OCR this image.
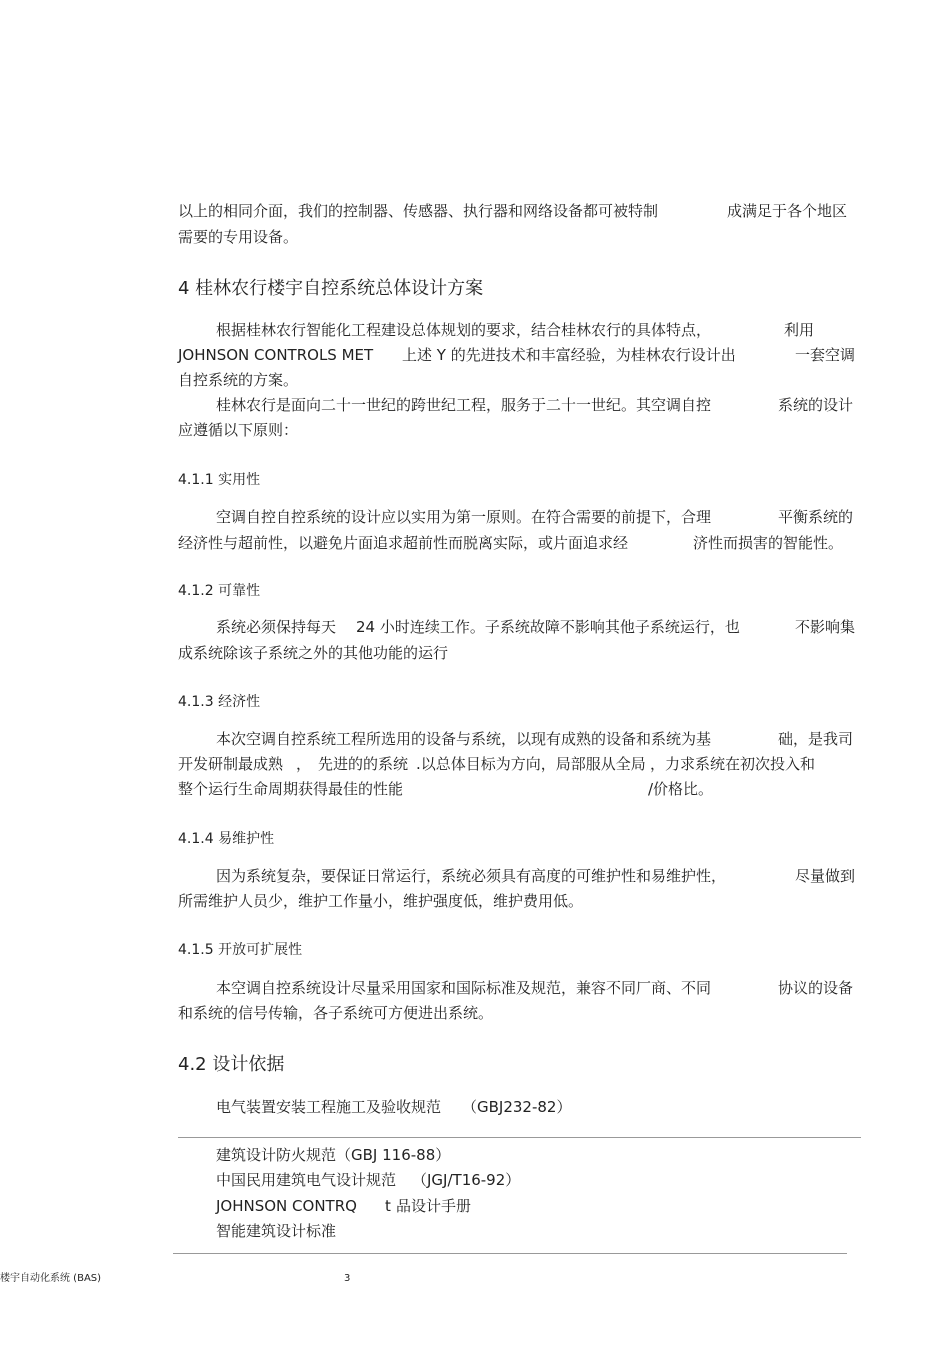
以上的相同介面，我们的控制器、传感器、执行器和网络设备都可被特制	成满足于各个地区
需要的专用设备。
4 桂林农行楼宇自控系统总体设计方案
根据桂林农行智能化工程建设总体规划的要求，结合桂林农行的具体特点，	利用
JOHNSON CONTROLS MET 上述 Y 的先进技术和丰富经验，为桂林农行设计出	一套空调
自控系统的方案。
桂林农行是面向二十一世纪的跨世纪工程，服务于二十一世纪。其空调自控	系统的设计
应遵循以下原则：
4.1.1 实用性
空调自控自控系统的设计应以实用为第一原则。在符合需要的前提下，合理	平衡系统的
经济性与超前性，以避免片面追求超前性而脱离实际，或片面追求经	济性而损害的智能性。
4.1.2 可靠性
系统必须保持每天 24 小时连续工作。子系统故障不影响其他子系统运行，也	不影响集
成系统除该子系统之外的其他功能的运行
4.1.3 经济性
本次空调自控系统工程所选用的设备与系统，以现有成熟的设备和系统为基	础，是我司
开发研制最成熟 ， 先进的的系统 .以总体目标为方向，局部服从全局 ，力求系统在初次投入和
整个运行生命周期获得最佳的性能	/价格比。
4.1.4 易维护性
因为系统复杂，要保证日常运行，系统必须具有高度的可维护性和易维护性，	尽量做到
所需维护人员少，维护工作量小，维护强度低，维护费用低。
4.1.5 开放可扩展性
本空调自控系统设计尽量采用国家和国际标准及规范，兼容不同厂商、不同	协议的设备
和系统的信号传输，各子系统可方便进出系统。
4.2 设计依据
电气装置安装工程施工及验收规范 （GBJ232-82）
建筑设计防火规范（GBJ 116-88）
中国民用建筑电气设计规范 （JGJ/T16-92）
JOHNSON CONTRQ t 品设计手册
智能建筑设计标准
楼宇自动化系统 (BAS)	3
